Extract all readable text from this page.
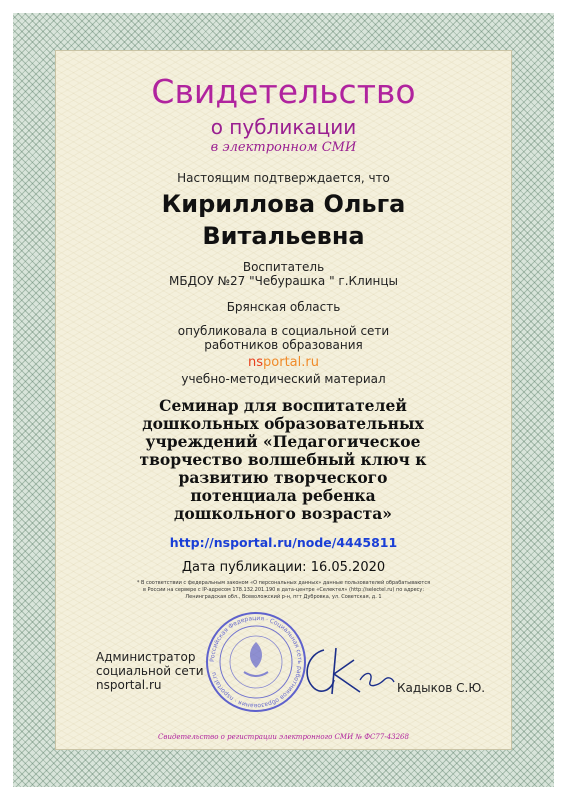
Свидетельство
о публикации
в электронном СМИ
Настоящим подтверждается, что
Кириллова Ольга
Витальевна
Воспитатель
МБДОУ №27 "Чебурашка " г.Клинцы
Брянская область
опубликовала в социальной сети
работников образования
nsportal.ru
учебно-методический материал
Семинар для воспитателей
дошкольных образовательных
учреждений «Педагогическое
творчество волшебный ключ к
развитию творческого
потенциала ребенка
дошкольного возраста»
http://nsportal.ru/node/4445811
Дата публикации: 16.05.2020
* В соответствии с федеральным законом «О персональных данных» данные пользователей обрабатываются
в России на сервере с IP-адресом 178.132.201.190 в дата-центре «Селектел» (http://selectel.ru) по адресу:
Ленинградская обл., Всеволожский р-н, пгт Дубровка, ул. Советская, д. 1
Администратор
социальной сети
nsportal.ru
Российская Федерация · Социальная сеть работников образования · nsportal.ru
Кадыков С.Ю.
Свидетельство о регистрации электронного СМИ № ФС77-43268
